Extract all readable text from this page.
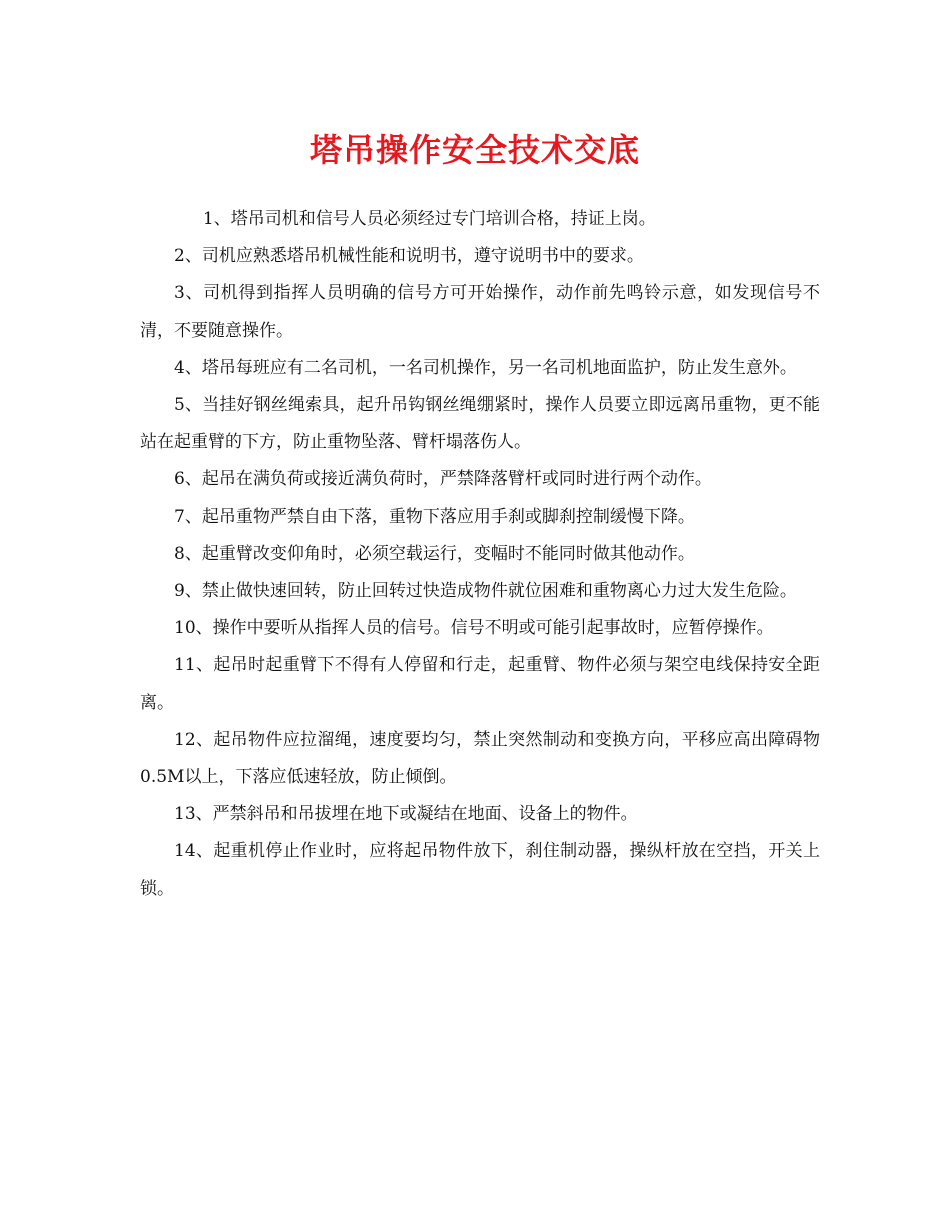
塔吊操作安全技术交底

1、塔吊司机和信号人员必须经过专门培训合格，持证上岗。

2、司机应熟悉塔吊机械性能和说明书，遵守说明书中的要求。

3、司机得到指挥人员明确的信号方可开始操作，动作前先鸣铃示意，如发现信号不清，不要随意操作。

4、塔吊每班应有二名司机，一名司机操作，另一名司机地面监护，防止发生意外。

5、当挂好钢丝绳索具，起升吊钩钢丝绳绷紧时，操作人员要立即远离吊重物，更不能站在起重臂的下方，防止重物坠落、臂杆塌落伤人。

6、起吊在满负荷或接近满负荷时，严禁降落臂杆或同时进行两个动作。

7、起吊重物严禁自由下落，重物下落应用手刹或脚刹控制缓慢下降。

8、起重臂改变仰角时，必须空载运行，变幅时不能同时做其他动作。

9、禁止做快速回转，防止回转过快造成物件就位困难和重物离心力过大发生危险。

10、操作中要听从指挥人员的信号。信号不明或可能引起事故时，应暂停操作。

11、起吊时起重臂下不得有人停留和行走，起重臂、物件必须与架空电线保持安全距离。

12、起吊物件应拉溜绳，速度要均匀，禁止突然制动和变换方向，平移应高出障碍物0.5M以上，下落应低速轻放，防止倾倒。

13、严禁斜吊和吊拔埋在地下或凝结在地面、设备上的物件。

14、起重机停止作业时，应将起吊物件放下，刹住制动器，操纵杆放在空挡，开关上锁。
